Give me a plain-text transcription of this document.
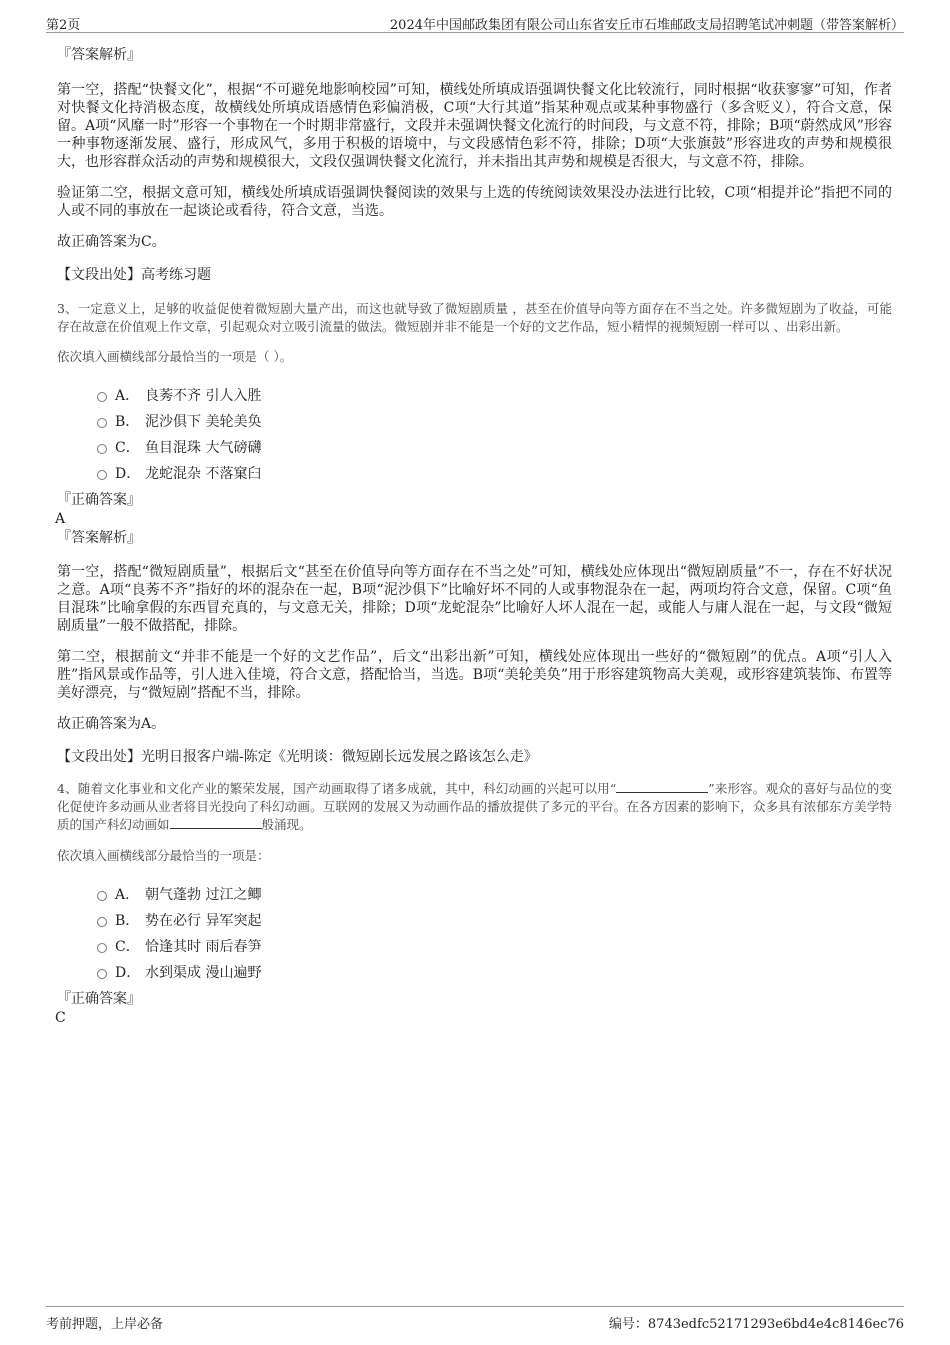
第2页	2024年中国邮政集团有限公司山东省安丘市石堆邮政支局招聘笔试冲刺题（带答案解析）

『答案解析』

第一空，搭配“快餐文化”，根据“不可避免地影响校园”可知，横线处所填成语强调快餐文化比较流行，同时根据“收获寥寥”可知，作者对快餐文化持消极态度，故横线处所填成语感情色彩偏消极，C项“大行其道”指某种观点或某种事物盛行（多含贬义），符合文意，保留。A项“风靡一时”形容一个事物在一个时期非常盛行，文段并未强调快餐文化流行的时间段，与文意不符，排除；B项“蔚然成风”形容一种事物逐渐发展、盛行，形成风气，多用于积极的语境中，与文段感情色彩不符，排除；D项“大张旗鼓”形容进攻的声势和规模很大，也形容群众活动的声势和规模很大，文段仅强调快餐文化流行，并未指出其声势和规模是否很大，与文意不符，排除。

验证第二空，根据文意可知，横线处所填成语强调快餐阅读的效果与上选的传统阅读效果没办法进行比较，C项“相提并论”指把不同的人或不同的事放在一起谈论或看待，符合文意，当选。

故正确答案为C。

【文段出处】高考练习题

3、一定意义上，足够的收益促使着微短剧大量产出，而这也就导致了微短剧质量 ，甚至在价值导向等方面存在不当之处。许多微短剧为了收益，可能存在故意在价值观上作文章，引起观众对立吸引流量的做法。微短剧并非不能是一个好的文艺作品，短小精悍的视频短剧一样可以 、出彩出新。

依次填入画横线部分最恰当的一项是（ ）。

A． 良莠不齐 引人入胜
B． 泥沙俱下 美轮美奂
C． 鱼目混珠 大气磅礴
D． 龙蛇混杂 不落窠臼

『正确答案』

A

『答案解析』

第一空，搭配“微短剧质量”，根据后文“甚至在价值导向等方面存在不当之处”可知，横线处应体现出“微短剧质量”不一，存在不好状况之意。A项“良莠不齐”指好的坏的混杂在一起，B项“泥沙俱下”比喻好坏不同的人或事物混杂在一起，两项均符合文意，保留。C项“鱼目混珠”比喻拿假的东西冒充真的，与文意无关，排除；D项“龙蛇混杂”比喻好人坏人混在一起，或能人与庸人混在一起，与文段“微短剧质量”一般不做搭配，排除。

第二空，根据前文“并非不能是一个好的文艺作品”，后文“出彩出新”可知，横线处应体现出一些好的“微短剧”的优点。A项“引人入胜”指风景或作品等，引人进入佳境，符合文意，搭配恰当，当选。B项“美轮美奂”用于形容建筑物高大美观，或形容建筑装饰、布置等美好漂亮，与“微短剧”搭配不当，排除。

故正确答案为A。

【文段出处】光明日报客户端-陈定《光明谈：微短剧长远发展之路该怎么走》

4、随着文化事业和文化产业的繁荣发展，国产动画取得了诸多成就，其中，科幻动画的兴起可以用“	”来形容。观众的喜好与品位的变化促使许多动画从业者将目光投向了科幻动画。互联网的发展又为动画作品的播放提供了多元的平台。在各方因素的影响下，众多具有浓郁东方美学特质的国产科幻动画如	般涌现。

依次填入画横线部分最恰当的一项是：

A． 朝气蓬勃 过江之鲫
B． 势在必行 异军突起
C． 恰逢其时 雨后春笋
D． 水到渠成 漫山遍野

『正确答案』

C

考前押题，上岸必备	编号：8743edfc52171293e6bd4e4c8146ec76
